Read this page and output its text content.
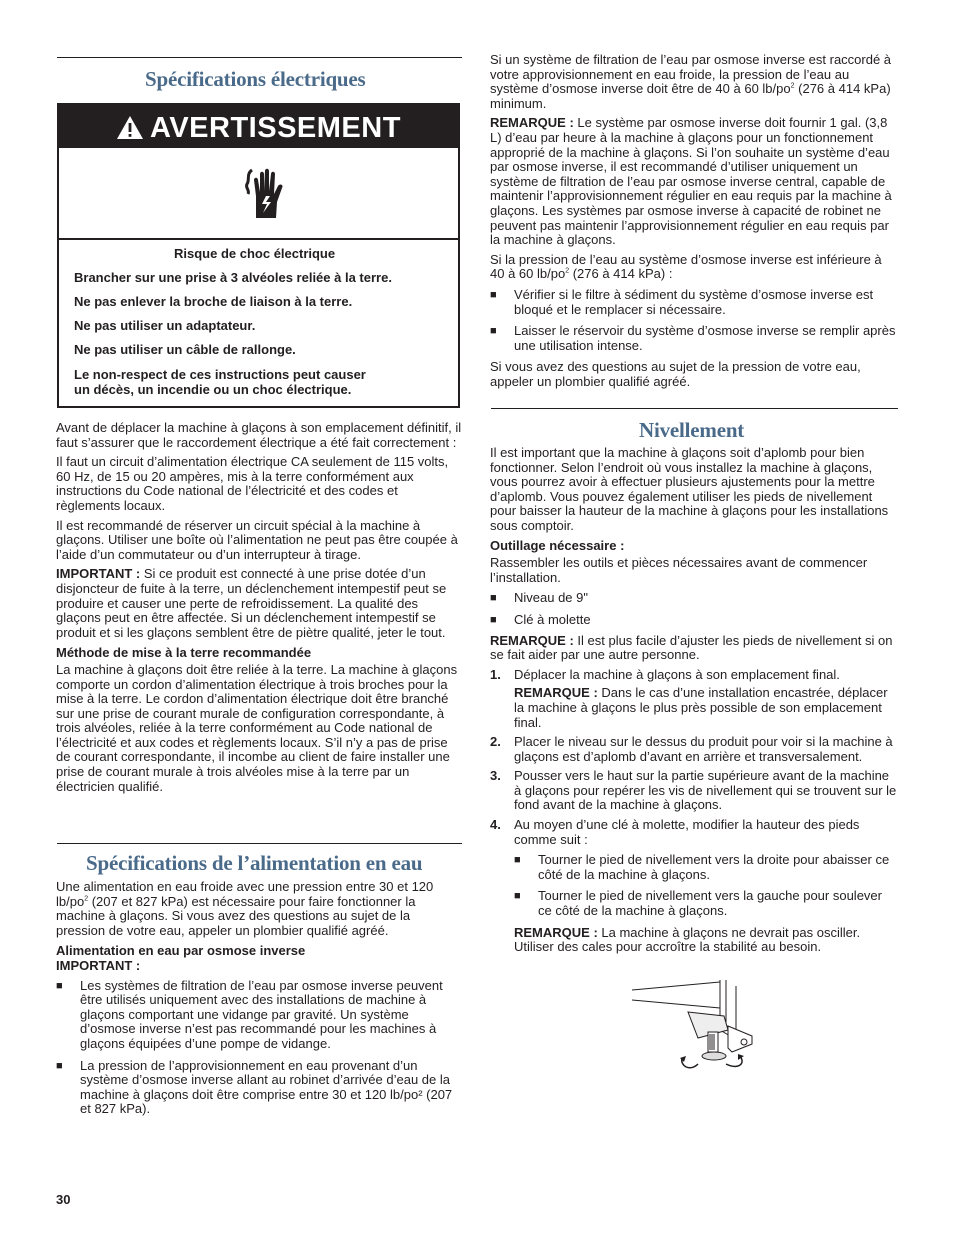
Spécifications électriques
AVERTISSEMENT

Risque de choc électrique

Brancher sur une prise à 3 alvéoles reliée à la terre.

Ne pas enlever la broche de liaison à la terre.

Ne pas utiliser un adaptateur.

Ne pas utiliser un câble de rallonge.

Le non-respect de ces instructions peut causer

un décès, un incendie ou un choc électrique.

Avant de déplacer la machine à glaçons à son emplacement définitif, il faut s’assurer que le raccordement électrique a été fait correctement :

Il faut un circuit d’alimentation électrique CA seulement de 115 volts, 60 Hz, de 15 ou 20 ampères, mis à la terre conformément aux instructions du Code national de l’électricité et des codes et règlements locaux.

Il est recommandé de réserver un circuit spécial à la machine à glaçons. Utiliser une boîte où l’alimentation ne peut pas être coupée à l’aide d’un commutateur ou d’un interrupteur à tirage.

IMPORTANT : Si ce produit est connecté à une prise dotée d’un disjoncteur de fuite à la terre, un déclenchement intempestif peut se produire et causer une perte de refroidissement. La qualité des glaçons peut en être affectée. Si un déclenchement intempestif se produit et si les glaçons semblent être de piètre qualité, jeter le tout.

Méthode de mise à la terre recommandée

La machine à glaçons doit être reliée à la terre. La machine à glaçons comporte un cordon d’alimentation électrique à trois broches pour la mise à la terre. Le cordon d’alimentation électrique doit être branché sur une prise de courant murale de configuration correspondante, à trois alvéoles, reliée à la terre conformément au Code national de l’électricité et aux codes et règlements locaux. S’il n’y a pas de prise de courant correspondante, il incombe au client de faire installer une prise de courant murale à trois alvéoles mise à la terre par un électricien qualifié.

Spécifications de l’alimentation en eau

Une alimentation en eau froide avec une pression entre 30 et 120 $lb/po^2$ (207 et 827 kPa) est nécessaire pour faire fonctionner la machine à glaçons. Si vous avez des questions au sujet de la pression de votre eau, appeler un plombier qualifié agréé.

Alimentation en eau par osmose inverse

IMPORTANT :

■ Les systèmes de filtration de l’eau par osmose inverse peuvent être utilisés uniquement avec des installations de machine à glaçons comportant une vidange par gravité. Un système d’osmose inverse n’est pas recommandé pour les machines à glaçons équipées d’une pompe de vidange.

■ La pression de l’approvisionnement en eau provenant d’un système d’osmose inverse allant au robinet d’arrivée d’eau de la machine à glaçons doit être comprise entre 30 et 120 lb/po² (207 et 827 kPa).

30

Si un système de filtration de l’eau par osmose inverse est raccordé à votre approvisionnement en eau froide, la pression de l’eau au système d’osmose inverse doit être de 40 à 60 $lb/po^2$ (276 à 414 kPa) minimum.

REMARQUE : Le système par osmose inverse doit fournir 1 gal. (3,8 L) d’eau par heure à la machine à glaçons pour un fonctionnement approprié de la machine à glaçons. Si l’on souhaite un système d’eau par osmose inverse, il est recommandé d’utiliser uniquement un système de filtration de l’eau par osmose inverse central, capable de maintenir l’approvisionnement régulier en eau requis par la machine à glaçons. Les systèmes par osmose inverse à capacité de robinet ne peuvent pas maintenir l’approvisionnement régulier en eau requis par la machine à glaçons.

Si la pression de l’eau au système d’osmose inverse est inférieure à 40 à 60 $lb/po^2$ (276 à 414 kPa) :

■ Vérifier si le filtre à sédiment du système d’osmose inverse est bloqué et le remplacer si nécessaire.

■ Laisser le réservoir du système d’osmose inverse se remplir après une utilisation intense.

Si vous avez des questions au sujet de la pression de votre eau, appeler un plombier qualifié agréé.

Nivellement

Il est important que la machine à glaçons soit d’aplomb pour bien fonctionner. Selon l’endroit où vous installez la machine à glaçons, vous pourrez avoir à effectuer plusieurs ajustements pour la mettre d’aplomb. Vous pouvez également utiliser les pieds de nivellement pour baisser la hauteur de la machine à glaçons pour les installations sous comptoir.

Outillage nécessaire :

Rassembler les outils et pièces nécessaires avant de commencer l’installation.

■ Niveau de 9"

■ Clé à molette

REMARQUE : Il est plus facile d’ajuster les pieds de nivellement si on se fait aider par une autre personne.

1. Déplacer la machine à glaçons à son emplacement final.

REMARQUE : Dans le cas d’une installation encastrée, déplacer la machine à glaçons le plus près possible de son emplacement final.

2. Placer le niveau sur le dessus du produit pour voir si la machine à glaçons est d’aplomb d’avant en arrière et transversalement.

3. Pousser vers le haut sur la partie supérieure avant de la machine à glaçons pour repérer les vis de nivellement qui se trouvent sur le fond avant de la machine à glaçons.

4. Au moyen d’une clé à molette, modifier la hauteur des pieds comme suit :

■ Tourner le pied de nivellement vers la droite pour abaisser ce côté de la machine à glaçons.

■ Tourner le pied de nivellement vers la gauche pour soulever ce côté de la machine à glaçons.

REMARQUE : La machine à glaçons ne devrait pas osciller. Utiliser des cales pour accroître la stabilité au besoin.
